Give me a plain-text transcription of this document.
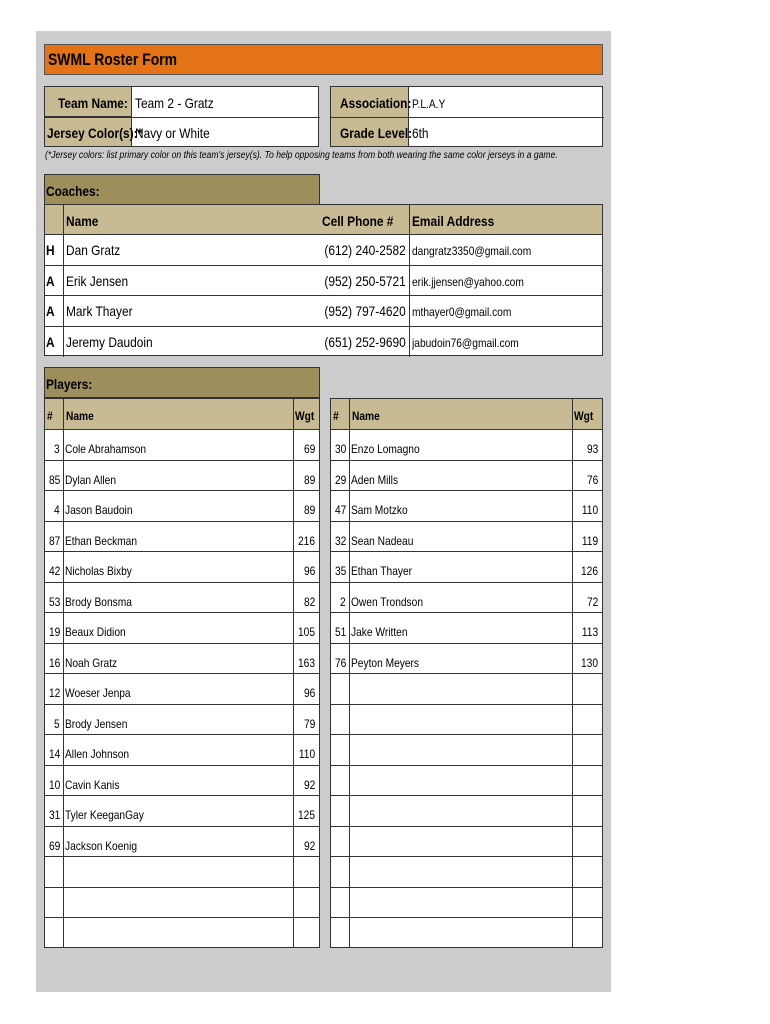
SWML Roster Form
Team Name: Team 2 - Gratz
Jersey Color(s):*
Navy or White
Association: P.L.A.Y
Grade Level: 6th
(*Jersey colors: list primary color on this team's jersey(s). To help opposing teams from both wearing the same color jerseys in a game.
Coaches:
Name	Cell Phone # Email Address
H Dan Gratz	(612) 240-2582 dangratz3350@gmail.com
A Erik Jensen	(952) 250-5721 erik.jjensen@yahoo.com
A Mark Thayer	(952) 797-4620 mthayer0@gmail.com
A Jeremy Daudoin	(651) 252-9690 jabudoin76@gmail.com
Players:
# Name	Wgt
3 Cole Abrahamson	69
85 Dylan Allen	89
4 Jason Baudoin	89
87 Ethan Beckman	216
42 Nicholas Bixby	96
53 Brody Bonsma	82
19 Beaux Didion	105
16 Noah Gratz	163
12 Woeser Jenpa	96
5 Brody Jensen	79
14 Allen Johnson	110
10 Cavin Kanis	92
31 Tyler KeeganGay	125
69 Jackson Koenig	92
# Name	Wgt
30 Enzo Lomagno	93
29 Aden Mills	76
47 Sam Motzko	110
32 Sean Nadeau	119
35 Ethan Thayer	126
2 Owen Trondson	72
51 Jake Written	113
76 Peyton Meyers	130
